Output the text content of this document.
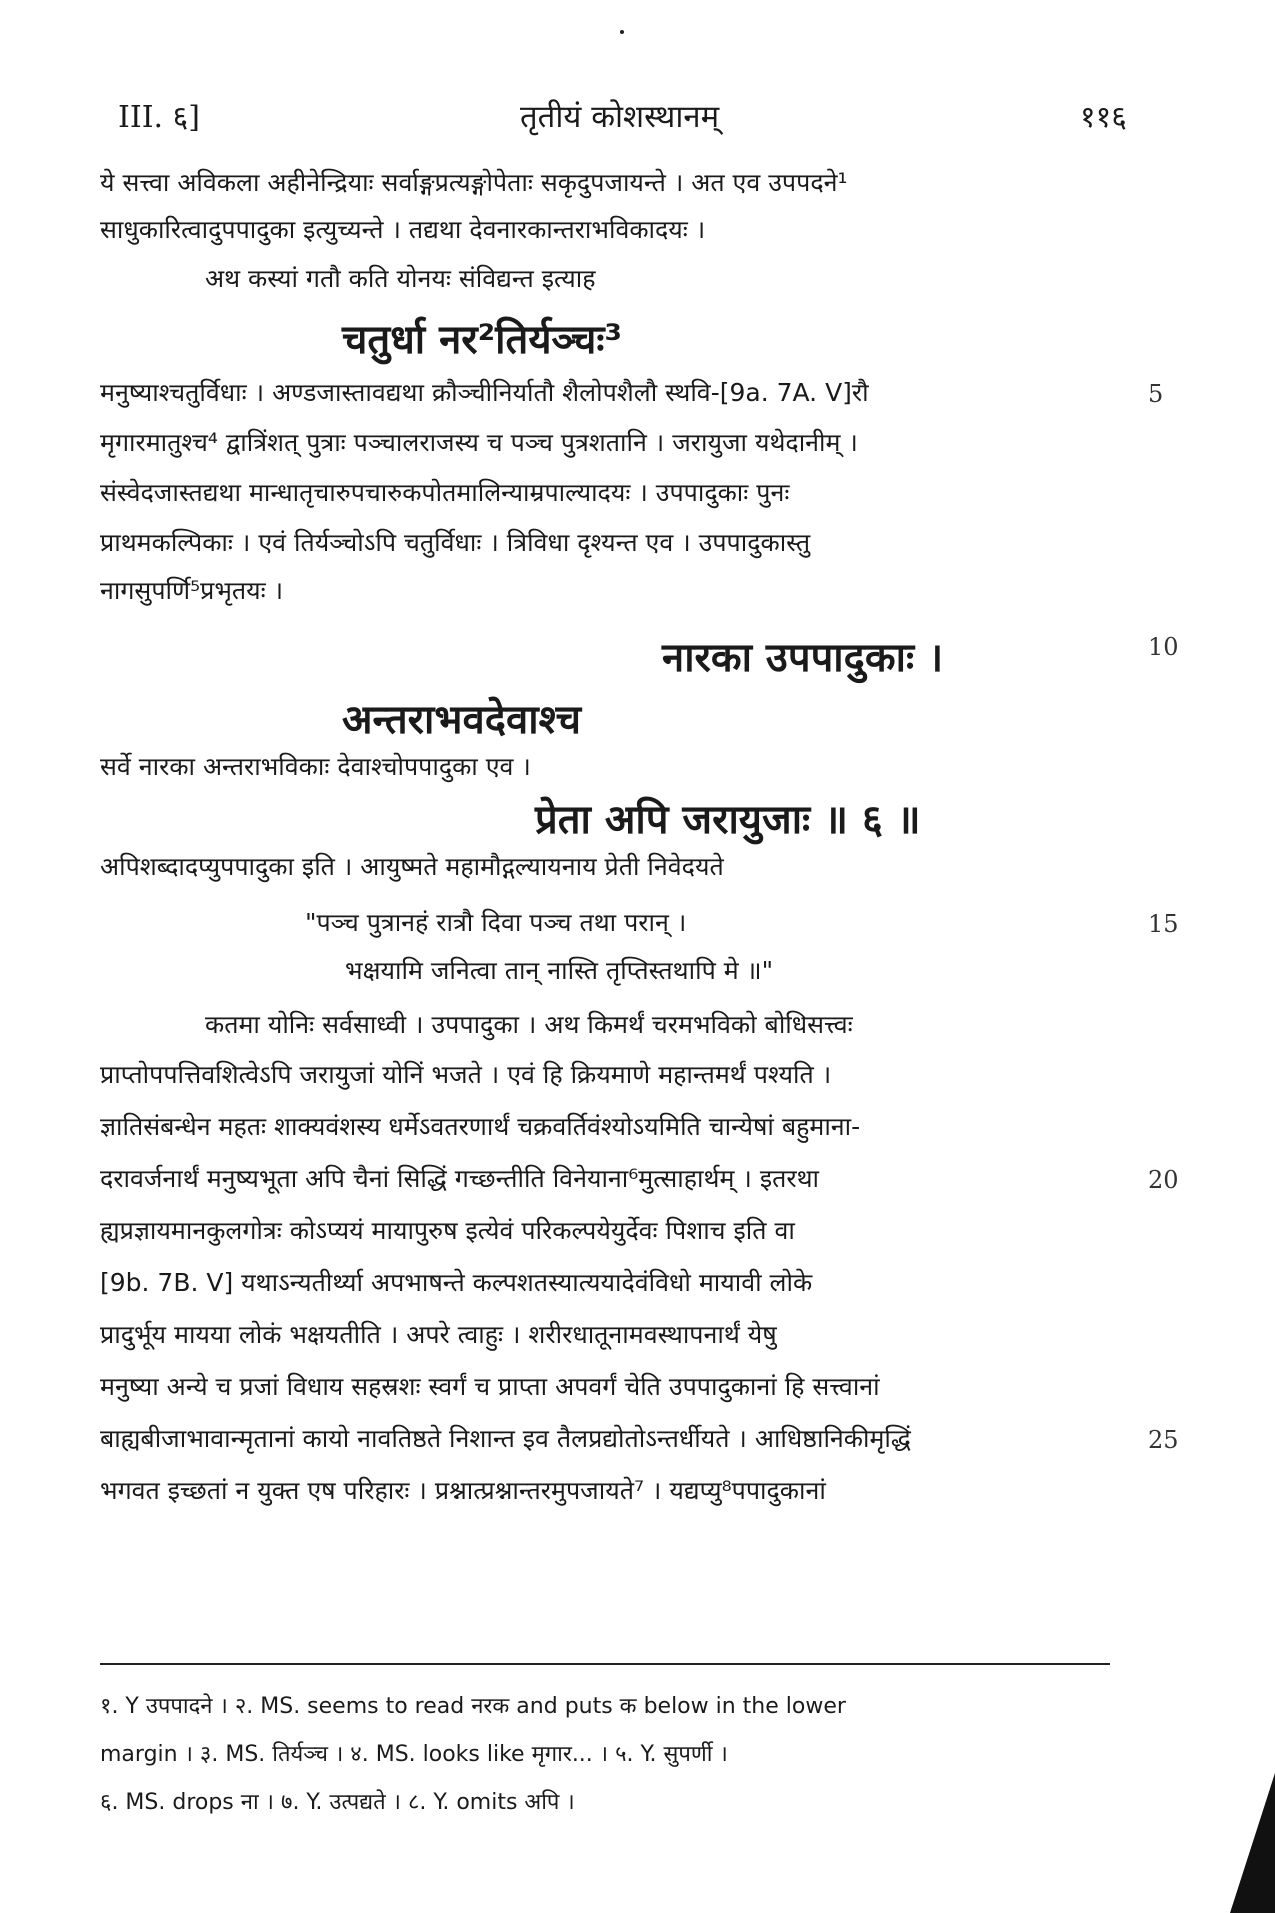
III. ६]	तृतीयं कोशस्थानम्	११६
ये सत्त्वा अविकला अहीनेन्द्रियाः सर्वाङ्गप्रत्यङ्गोपेताः सकृदुपजायन्ते । अत एव उपपदने¹
साधुकारित्वादुपपादुका इत्युच्यन्ते । तद्यथा देवनारकान्तराभविकादयः ।
अथ कस्यां गतौ कति योनयः संविद्यन्त इत्याह
चतुर्धा नर²तिर्यञ्चः³
मनुष्याश्चतुर्विधाः । अण्डजास्तावद्यथा क्रौञ्चीनिर्यातौ शैलोपशैलौ स्थवि-[9a. 7A. V]रौ	5
मृगारमातुश्च⁴ द्वात्रिंशत् पुत्राः पञ्चालराजस्य च पञ्च पुत्रशतानि । जरायुजा यथेदानीम् ।
संस्वेदजास्तद्यथा मान्धातृचारुपचारुकपोतमालिन्याम्रपाल्यादयः । उपपादुकाः पुनः
प्राथमकल्पिकाः । एवं तिर्यञ्चोऽपि चतुर्विधाः । त्रिविधा दृश्यन्त एव । उपपादुकास्तु
नागसुपर्णि⁵प्रभृतयः ।
नारका उपपादुकाः ।	10
अन्तराभवदेवाश्च
सर्वे नारका अन्तराभविकाः देवाश्चोपपादुका एव ।
प्रेता अपि जरायुजाः ॥ ६ ॥
अपिशब्दादप्युपपादुका इति । आयुष्मते महामौद्गल्यायनाय प्रेती निवेदयते
"पञ्च पुत्रानहं रात्रौ दिवा पञ्च तथा परान् ।	15
भक्षयामि जनित्वा तान् नास्ति तृप्तिस्तथापि मे ॥"
कतमा योनिः सर्वसाध्वी । उपपादुका । अथ किमर्थं चरमभविको बोधिसत्त्वः
प्राप्तोपपत्तिवशित्वेऽपि जरायुजां योनिं भजते । एवं हि क्रियमाणे महान्तमर्थं पश्यति ।
ज्ञातिसंबन्धेन महतः शाक्यवंशस्य धर्मेऽवतरणार्थं चक्रवर्तिवंश्योऽयमिति चान्येषां बहुमाना-
दरावर्जनार्थं मनुष्यभूता अपि चैनां सिद्धिं गच्छन्तीति विनेयाना⁶मुत्साहार्थम् । इतरथा	20
ह्यप्रज्ञायमानकुलगोत्रः कोऽप्ययं मायापुरुष इत्येवं परिकल्पयेयुर्देवः पिशाच इति वा
[9b. 7B. V] यथाऽन्यतीर्थ्या अपभाषन्ते कल्पशतस्यात्ययादेवंविधो मायावी लोके
प्रादुर्भूय मायया लोकं भक्षयतीति । अपरे त्वाहुः । शरीरधातूनामवस्थापनार्थं येषु
मनुष्या अन्ये च प्रजां विधाय सहस्रशः स्वर्गं च प्राप्ता अपवर्गं चेति उपपादुकानां हि सत्त्वानां
बाह्यबीजाभावान्मृतानां कायो नावतिष्ठते निशान्त इव तैलप्रद्योतोऽन्तर्धीयते । आधिष्ठानिकीमृद्धिं	25
भगवत इच्छतां न युक्त एष परिहारः । प्रश्नात्प्रश्नान्तरमुपजायते⁷ । यद्यप्यु⁸पपादुकानां
१. Y उपपादने । २. MS. seems to read नरक and puts क below in the lower
margin । ३. MS. तिर्यञ्च । ४. MS. looks like मृगार... । ५. Y. सुपर्णी ।
६. MS. drops ना । ७. Y. उत्पद्यते । ८. Y. omits अपि ।
